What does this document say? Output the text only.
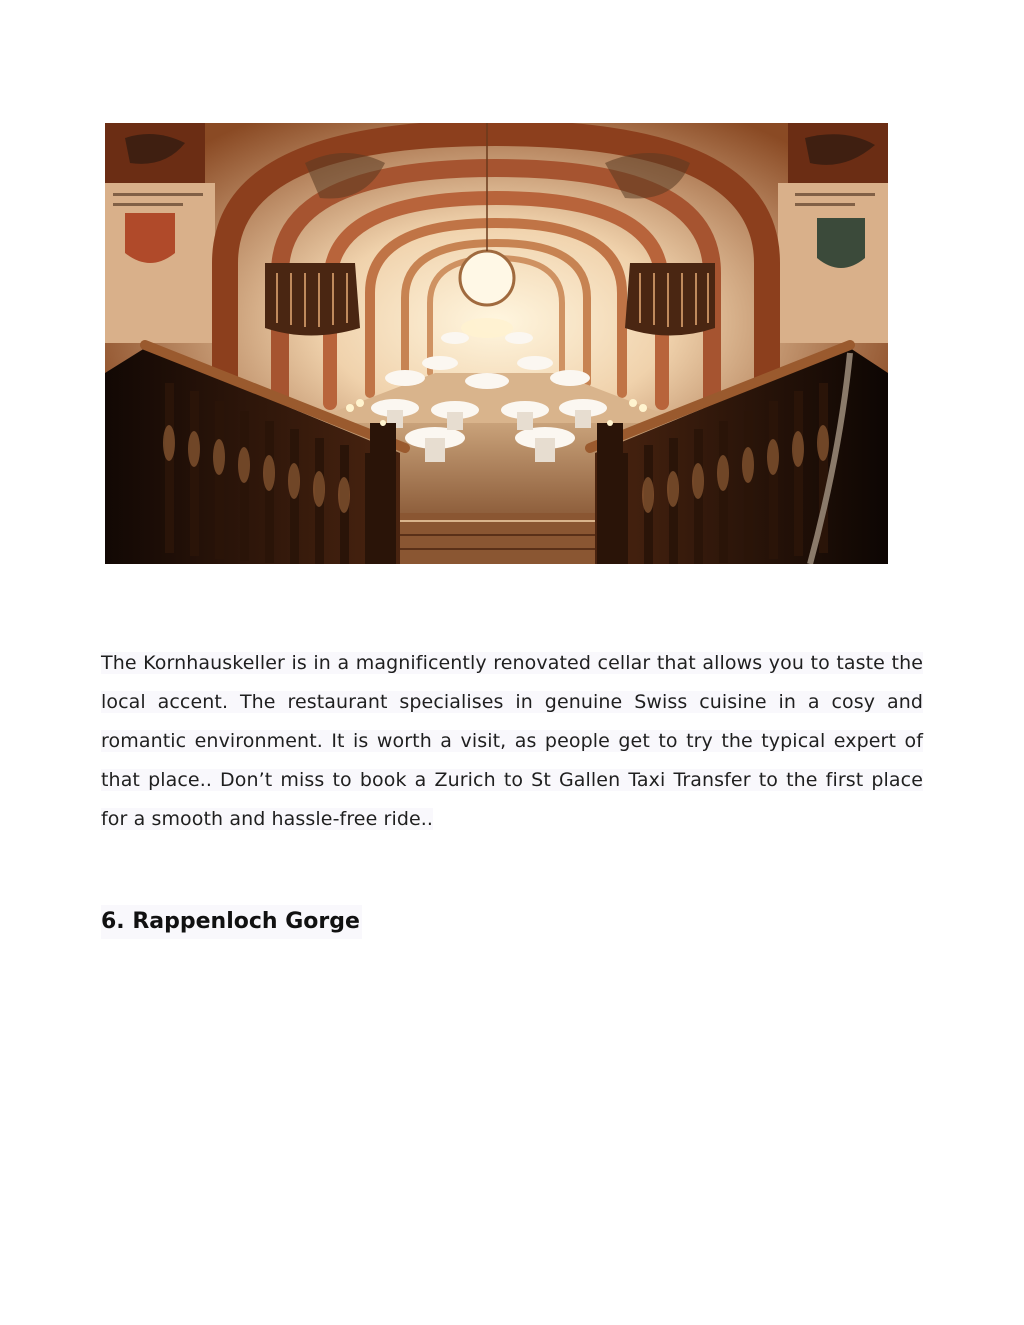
The Kornhauskeller is in a magnificently renovated cellar that allows you to taste the local accent. The restaurant specialises in genuine Swiss cuisine in a cosy and romantic environment. It is worth a visit, as people get to try the typical expert of that place.. Don’t miss to book a Zurich to St Gallen Taxi Transfer to the first place for a smooth and hassle-free ride..

6. Rappenloch Gorge
